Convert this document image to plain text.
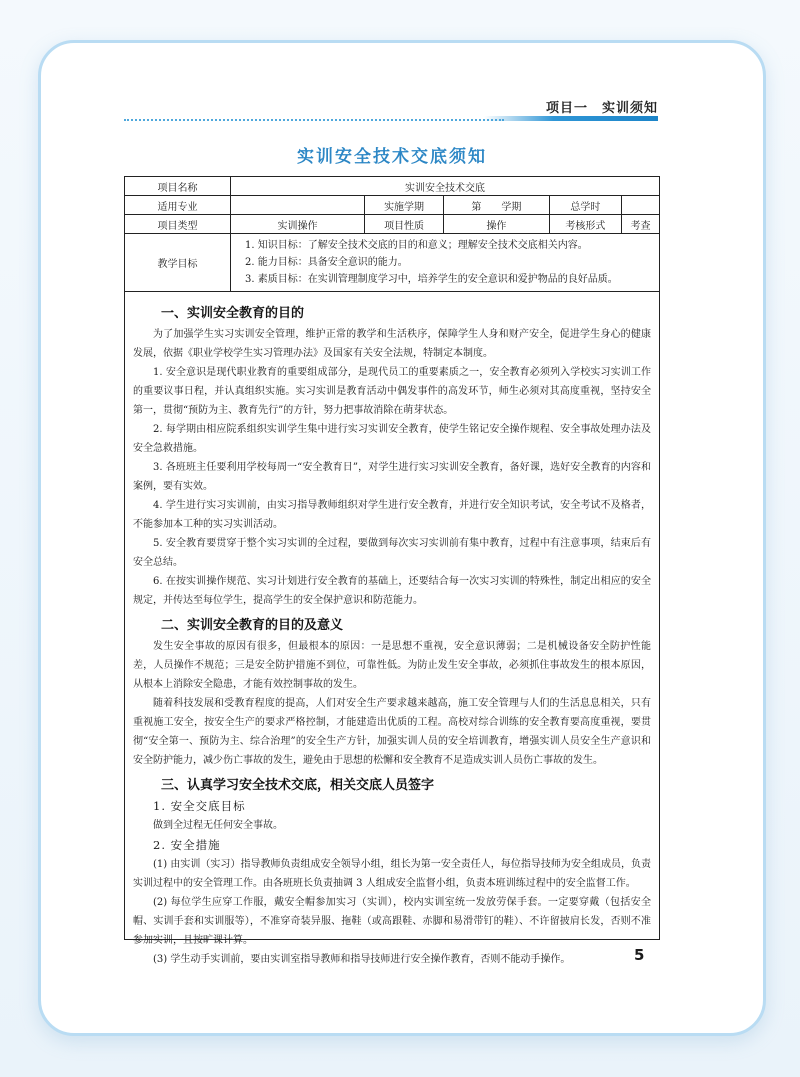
项目一　实训须知
实训安全技术交底须知
项目名称	实训安全技术交底				
适用专业		实施学期	第　　学期	总学时	
项目类型	实训操作	项目性质	操作	考核形式	考查
教学目标	1. 知识目标：了解安全技术交底的目的和意义；理解安全技术交底相关内容。
2. 能力目标：具备安全意识的能力。
3. 素质目标：在实训管理制度学习中，培养学生的安全意识和爱护物品的良好品质。				
一、实训安全教育的目的

为了加强学生实习实训安全管理，维护正常的教学和生活秩序，保障学生人身和财产安全，促进学生身心的健康发展，依据《职业学校学生实习管理办法》及国家有关安全法规，特制定本制度。

1. 安全意识是现代职业教育的重要组成部分，是现代员工的重要素质之一，安全教育必须列入学校实习实训工作的重要议事日程，并认真组织实施。实习实训是教育活动中偶发事件的高发环节，师生必须对其高度重视，坚持安全第一，贯彻“预防为主、教育先行”的方针，努力把事故消除在萌芽状态。

2. 每学期由相应院系组织实训学生集中进行实习实训安全教育，使学生铭记安全操作规程、安全事故处理办法及安全急救措施。

3. 各班班主任要利用学校每周一“安全教育日”，对学生进行实习实训安全教育，备好课，选好安全教育的内容和案例，要有实效。

4. 学生进行实习实训前，由实习指导教师组织对学生进行安全教育，并进行安全知识考试，安全考试不及格者，不能参加本工种的实习实训活动。

5. 安全教育要贯穿于整个实习实训的全过程，要做到每次实习实训前有集中教育，过程中有注意事项，结束后有安全总结。

6. 在按实训操作规范、实习计划进行安全教育的基础上，还要结合每一次实习实训的特殊性，制定出相应的安全规定，并传达至每位学生，提高学生的安全保护意识和防范能力。

二、实训安全教育的目的及意义

发生安全事故的原因有很多，但最根本的原因：一是思想不重视，安全意识薄弱；二是机械设备安全防护性能差，人员操作不规范；三是安全防护措施不到位，可靠性低。为防止发生安全事故，必须抓住事故发生的根本原因，从根本上消除安全隐患，才能有效控制事故的发生。

随着科技发展和受教育程度的提高，人们对安全生产要求越来越高，施工安全管理与人们的生活息息相关，只有重视施工安全，按安全生产的要求严格控制，才能建造出优质的工程。高校对综合训练的安全教育要高度重视，要贯彻“安全第一、预防为主、综合治理”的安全生产方针，加强实训人员的安全培训教育，增强实训人员安全生产意识和安全防护能力，减少伤亡事故的发生，避免由于思想的松懈和安全教育不足造成实训人员伤亡事故的发生。

三、认真学习安全技术交底，相关交底人员签字
1. 安全交底目标

做到全过程无任何安全事故。

2. 安全措施

(1) 由实训（实习）指导教师负责组成安全领导小组，组长为第一安全责任人，每位指导技师为安全组成员，负责实训过程中的安全管理工作。由各班班长负责抽调 3 人组成安全监督小组，负责本班训练过程中的安全监督工作。

(2) 每位学生应穿工作服，戴安全帽参加实习（实训），校内实训室统一发放劳保手套。一定要穿戴（包括安全帽、实训手套和实训服等），不准穿奇装异服、拖鞋（或高跟鞋、赤脚和易滑带钉的鞋）、不许留披肩长发，否则不准参加实训，且按旷课计算。

(3) 学生动手实训前，要由实训室指导教师和指导技师进行安全操作教育，否则不能动手操作。	5
